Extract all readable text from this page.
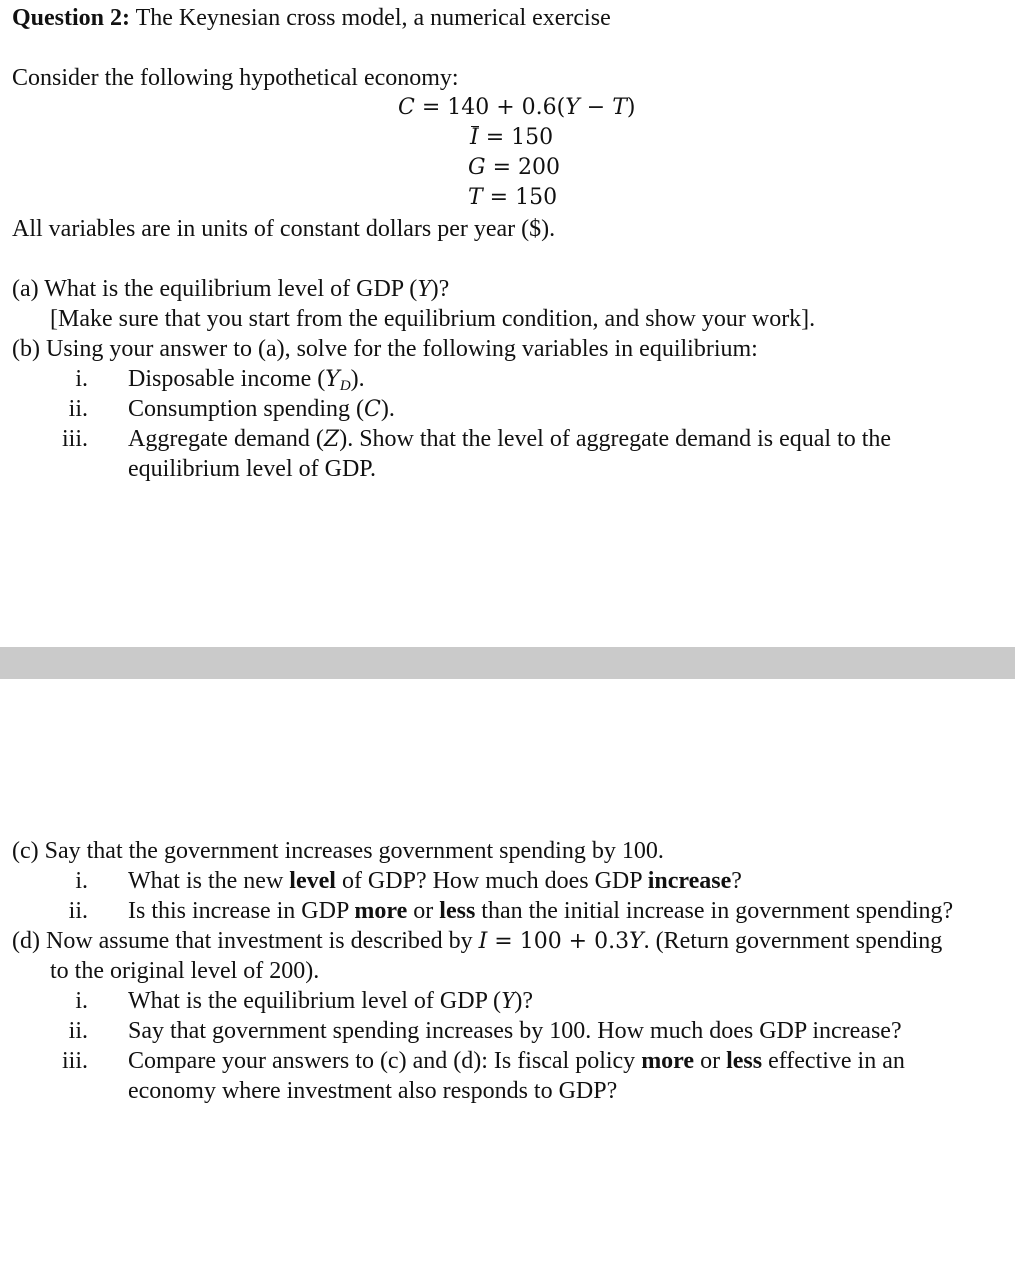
Question 2: The Keynesian cross model, a numerical exercise
Consider the following hypothetical economy:
C = 140 + 0.6(Y − T)
I = 150
G = 200
T = 150
All variables are in units of constant dollars per year ($).
(a) What is the equilibrium level of GDP (Y)?
[Make sure that you start from the equilibrium condition, and show your work].
(b) Using your answer to (a), solve for the following variables in equilibrium:
i. Disposable income $(Y_D)$.
ii. Consumption spending (C).
iii. Aggregate demand (Z). Show that the level of aggregate demand is equal to the
equilibrium level of GDP.
(c) Say that the government increases government spending by 100.
i. What is the new level of GDP? How much does GDP increase?
ii. Is this increase in GDP more or less than the initial increase in government spending?
(d) Now assume that investment is described by I = 100 + 0.3Y. (Return government spending
to the original level of 200).
i. What is the equilibrium level of GDP (Y)?
ii. Say that government spending increases by 100. How much does GDP increase?
iii. Compare your answers to (c) and (d): Is fiscal policy more or less effective in an
economy where investment also responds to GDP?
